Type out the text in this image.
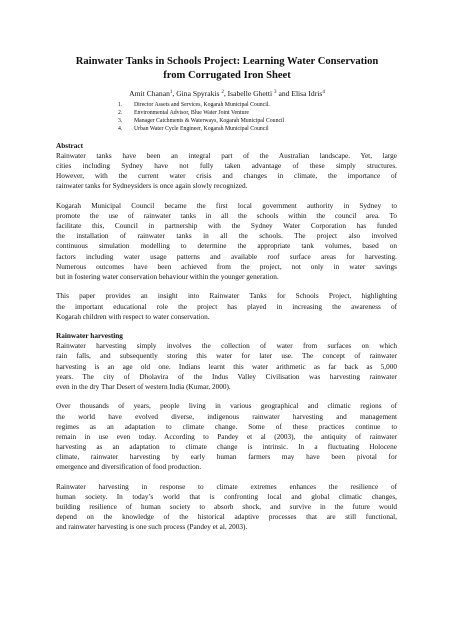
Rainwater Tanks in Schools Project: Learning Water Conservation
from Corrugated Iron Sheet
Amit Chanan$^1$, Gina Spyrakis $^2$, Isabelle Ghetti $^3$ and Elisa Idris$^4$
1. Director Assets and Services, Kogarah Municipal Council.
2. Environmental Advisor, Blue Water Joint Venture
3. Manager Catchments & Waterways, Kogarah Municipal Council
4. Urban Water Cycle Engineer, Kogarah Municipal Council

Abstract

Rainwater tanks have been an integral part of the Australian landscape. Yet, large
cities including Sydney have not fully taken advantage of these simply structures.
However, with the current water crisis and changes in climate, the importance of
rainwater tanks for Sydneysiders is once again slowly recognized.
Kogarah Municipal Council became the first local government authority in Sydney to
promote the use of rainwater tanks in all the schools within the council area. To
facilitate this, Council in partnership with the Sydney Water Corporation has funded
the installation of rainwater tanks in all the schools. The project also involved
continuous simulation modelling to determine the appropriate tank volumes, based on
factors including water usage patterns and available roof surface areas for harvesting.
Numerous outcomes have been achieved from the project, not only in water savings
but in fostering water conservation behaviour within the younger generation.
This paper provides an insight into Rainwater Tanks for Schools Project, highlighting
the important educational role the project has played in increasing the awareness of
Kogarah children with respect to water conservation.

Rainwater harvesting

Rainwater harvesting simply involves the collection of water from surfaces on which
rain falls, and subsequently storing this water for later use. The concept of rainwater
harvesting is an age old one. Indians learnt this water arithmetic as far back as 5,000
years. The city of Dholavira of the Indus Valley Civilisation was harvesting rainwater
even in the dry Thar Desert of western India (Kumar, 2000).
Over thousands of years, people living in various geographical and climatic regions of
the world have evolved diverse, indigenous rainwater harvesting and management
regimes as an adaptation to climate change. Some of these practices continue to
remain in use even today. According to Pandey et al (2003), the antiquity of rainwater
harvesting as an adaptation to climate change is intrinsic. In a fluctuating Holocene
climate, rainwater harvesting by early human farmers may have been pivotal for
emergence and diversification of food production.
Rainwater harvesting in response to climate extremes enhances the resilience of
human society. In today’s world that is confronting local and global climatic changes,
building resilience of human society to absorb shock, and survive in the future would
depend on the knowledge of the historical adaptive processes that are still functional,
and rainwater harvesting is one such process (Pandey et al, 2003).
